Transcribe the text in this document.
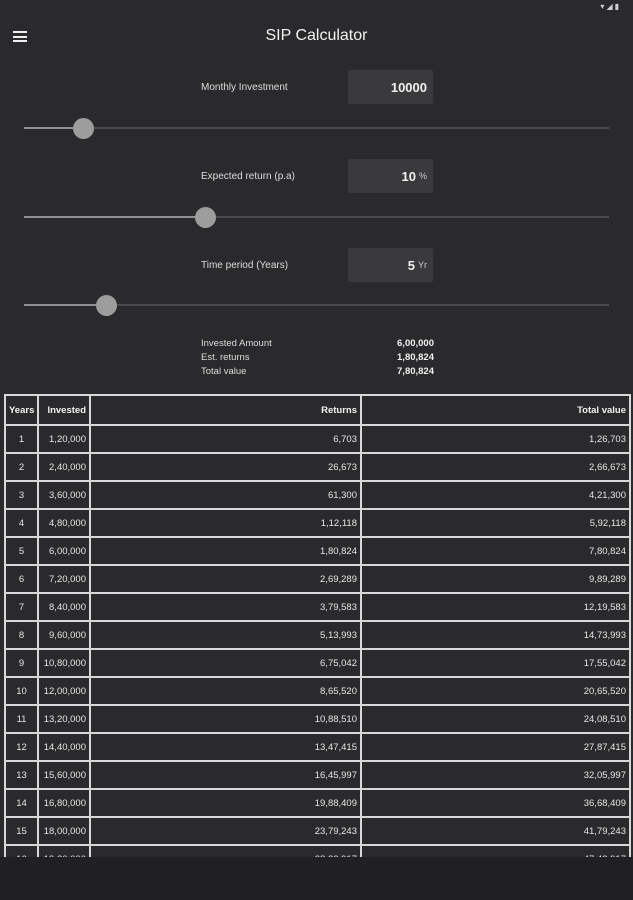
▾◢▮
SIP Calculator
Monthly Investment	10000
Expected return (p.a)	10 %
Time period (Years)	5 Yr
Invested Amount	6,00,000
Est. returns	1,80,824
Total value	7,80,824
Years	Invested	Returns	Total value
1	1,20,000	6,703	1,26,703
2	2,40,000	26,673	2,66,673
3	3,60,000	61,300	4,21,300
4	4,80,000	1,12,118	5,92,118
5	6,00,000	1,80,824	7,80,824
6	7,20,000	2,69,289	9,89,289
7	8,40,000	3,79,583	12,19,583
8	9,60,000	5,13,993	14,73,993
9	10,80,000	6,75,042	17,55,042
10	12,00,000	8,65,520	20,65,520
11	13,20,000	10,88,510	24,08,510
12	14,40,000	13,47,415	27,87,415
13	15,60,000	16,45,997	32,05,997
14	16,80,000	19,88,409	36,68,409
15	18,00,000	23,79,243	41,79,243
